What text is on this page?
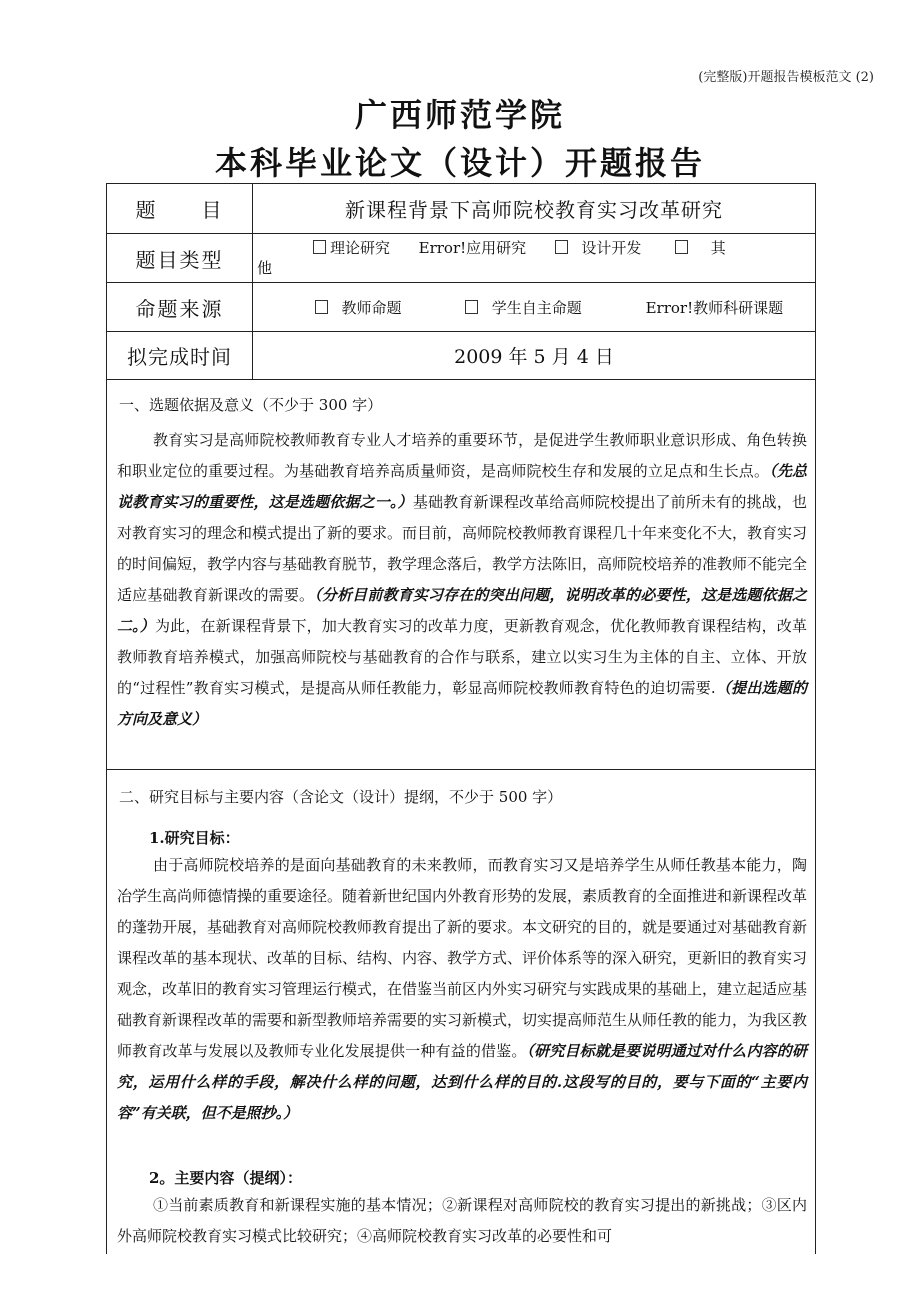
(完整版)开题报告模板范文 (2)
广西师范学院
本科毕业论文（设计）开题报告
题　　目	新课程背景下高师院校教育实习改革研究
题目类型	理论研究 Error!应用研究	设计开发	其
他
命题来源	教师命题	学生自主命题	Error!教师科研课题
拟完成时间	2009 年 5 月 4 日
一、选题依据及意义（不少于 300 字）
教育实习是高师院校教师教育专业人才培养的重要环节，是促进学生教师职业意识形成、角色转换和职业定位的重要过程。为基础教育培养高质量师资，是高师院校生存和发展的立足点和生长点。（先总说教育实习的重要性，这是选题依据之一。）基础教育新课程改革给高师院校提出了前所未有的挑战，也对教育实习的理念和模式提出了新的要求。而目前，高师院校教师教育课程几十年来变化不大，教育实习的时间偏短，教学内容与基础教育脱节，教学理念落后，教学方法陈旧，高师院校培养的准教师不能完全适应基础教育新课改的需要。（分析目前教育实习存在的突出问题，说明改革的必要性，这是选题依据之二。）为此，在新课程背景下，加大教育实习的改革力度，更新教育观念，优化教师教育课程结构，改革教师教育培养模式，加强高师院校与基础教育的合作与联系，建立以实习生为主体的自主、立体、开放的“过程性”教育实习模式，是提高从师任教能力，彰显高师院校教师教育特色的迫切需要.（提出选题的方向及意义）
二、研究目标与主要内容（含论文（设计）提纲，不少于 500 字）
1.研究目标：
由于高师院校培养的是面向基础教育的未来教师，而教育实习又是培养学生从师任教基本能力，陶冶学生高尚师德情操的重要途径。随着新世纪国内外教育形势的发展，素质教育的全面推进和新课程改革的蓬勃开展，基础教育对高师院校教师教育提出了新的要求。本文研究的目的，就是要通过对基础教育新课程改革的基本现状、改革的目标、结构、内容、教学方式、评价体系等的深入研究，更新旧的教育实习观念，改革旧的教育实习管理运行模式，在借鉴当前区内外实习研究与实践成果的基础上，建立起适应基础教育新课程改革的需要和新型教师培养需要的实习新模式，切实提高师范生从师任教的能力，为我区教师教育改革与发展以及教师专业化发展提供一种有益的借鉴。（研究目标就是要说明通过对什么内容的研究，运用什么样的手段，解决什么样的问题，达到什么样的目的.这段写的目的，要与下面的“主要内容”有关联，但不是照抄。）
2。主要内容（提纲）：
①当前素质教育和新课程实施的基本情况；②新课程对高师院校的教育实习提出的新挑战；③区内外高师院校教育实习模式比较研究；④高师院校教育实习改革的必要性和可
